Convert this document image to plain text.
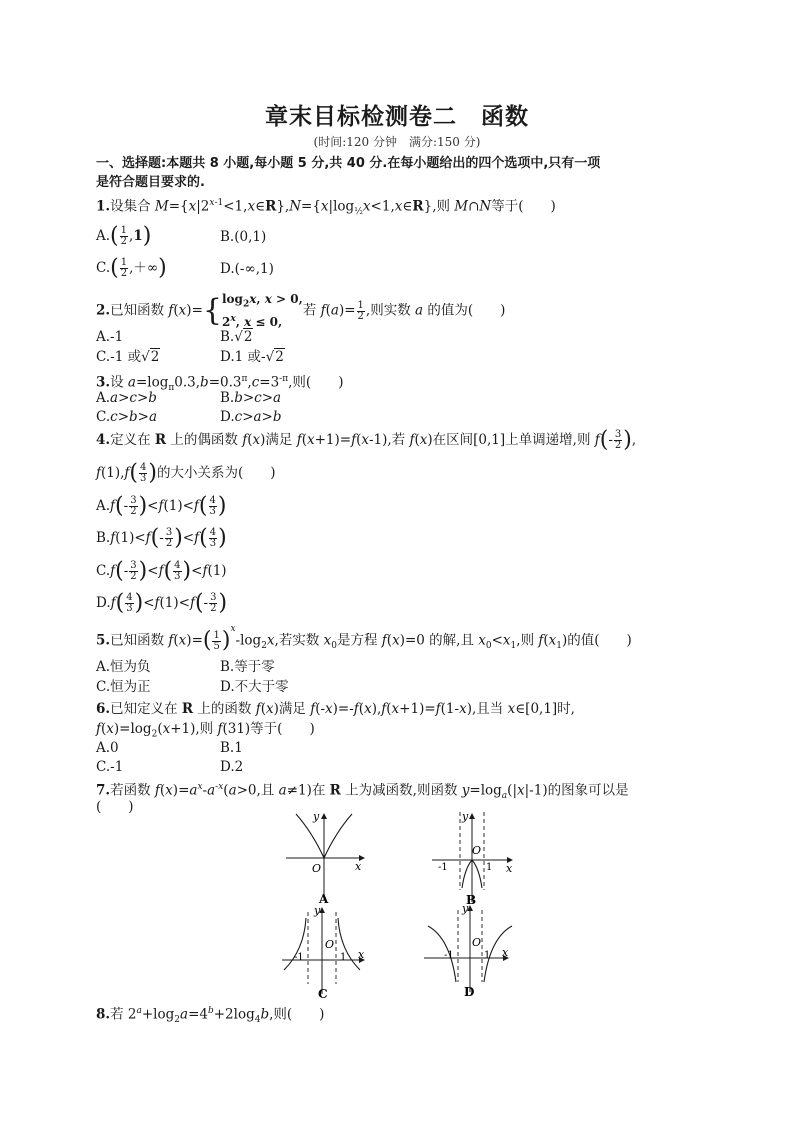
章末目标检测卷二　函数
(时间:120 分钟　满分:150 分)
一、选择题:本题共 8 小题,每小题 5 分,共 40 分.在每小题给出的四个选项中,只有一项
是符合题目要求的.
1.设集合 $M=\{x|2^{x-1}<1,x\in R\},N=\{x|\log_{\frac{1}{2}}x<1,x\in R\}$,则 M∩N等于(　　)
$A.( \frac{1}{2} ,1)$	B.(0,1)
$C.( \frac{1}{2}$ ,＋∞)	D.(-∞,1)
2.已知函数 $f(x)=\{\log_2x$, x > 0,
2$^x$, x ≤ 0,若 $f(a)= \frac{1}{2}$ ,则实数 a 的值为(　　)
A.-1	B.√2
C.-1 或√2	D.1 或-√2
3.设 $a=\log_\pi 0.3,b=0.3^\pi,c=3^{-\pi}$,则(　　)
A.a>c>b	B.b>c>a
C.c>b>a	D.c>a>b
4.定义在 R 上的偶函数 f(x)满足 f(x+1)=f(x-1),若 f(x)在区间[0,1]上单调递增,则 $f(- \frac{3}{2}$ ),
$f(1),f( \frac{4}{3}$ )的大小关系为(　　)
$A.f(- \frac{3}{2} )<f(1)<f( \frac{4}{3}$ )
$B.f(1)<f(- \frac{3}{2} )<f( \frac{4}{3}$ )
$C.f(- \frac{3}{2} )<f( \frac{4}{3} )<f(1)$
$D.f( \frac{4}{3} )<f(1)<f(- \frac{3}{2}$ )
5.已知函数 $f(x)=( \frac{1}{5} )^x-\log_2x$,若实数 $x_0$是方程 f(x)=0 的解,且 $x_0<x_1$,则 $f(x_1)$的值(　　)
A.恒为负	B.等于零
C.恒为正	D.不大于零
6.已知定义在 R 上的函数 f(x)满足 f(-x)=-f(x),f(x+1)=f(1-x),且当 x∈[0,1]时,
$f(x)=\log_2(x+1)$,则 f(31)等于(　　)
A.0	B.1
C.-1	D.2
7.若函数 $f(x)=a^x-a^{-x}(a>0$,且 a≠1)在 R 上为减函数,则函数 $y=\log_a(|x|-1)$的图象可以是
(　　)
y
x
O
A
y
x
O
-1	1
B
y
x
O
-1	1
C
y
x
O
-1	1
D
8.若 $2^a+\log_2a=4^b+2\log_4b$,则(　　)
